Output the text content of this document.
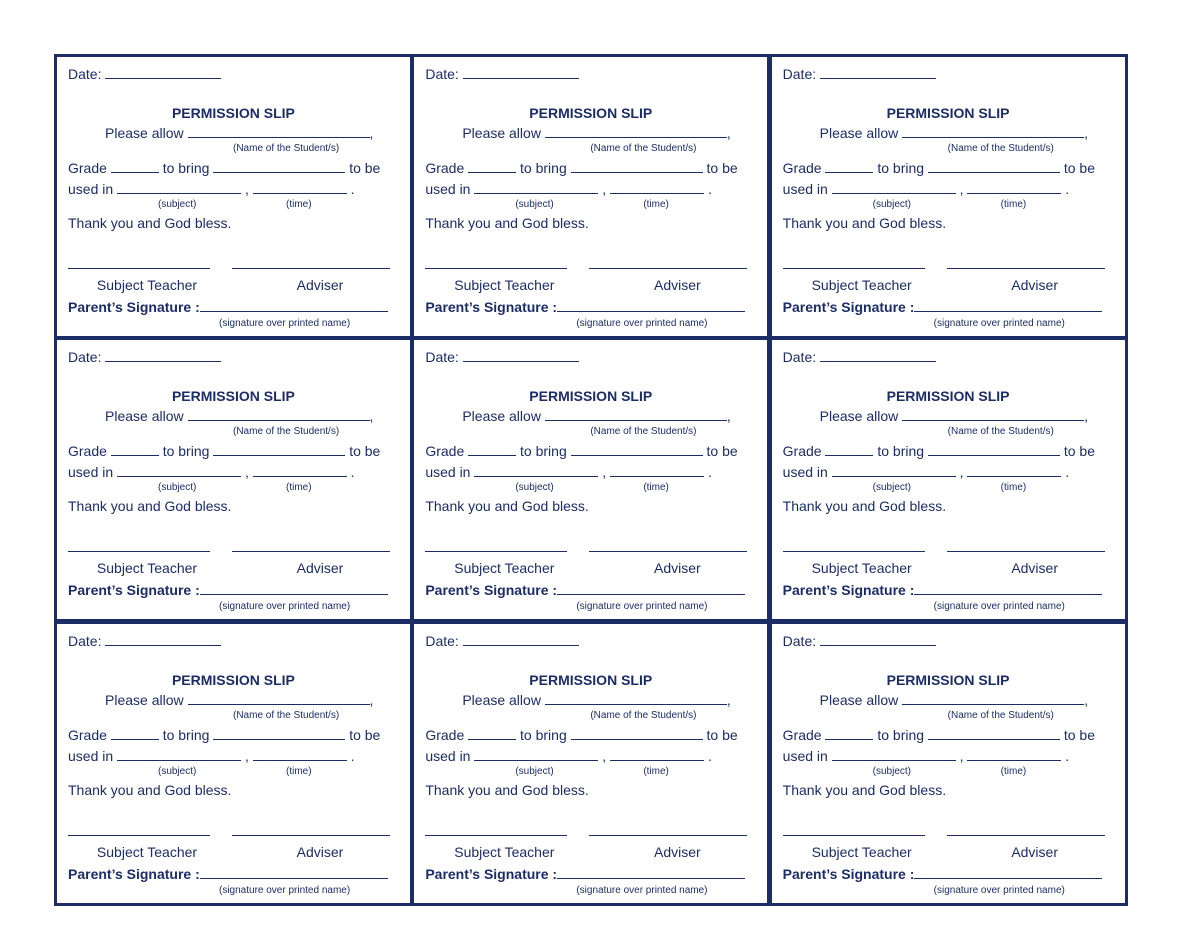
Date:
PERMISSION SLIP
Please allow	,
(Name of the Student/s)
Grade	to bring	to be
used in	,	.
(subject)	(time)
Thank you and God bless.
Subject Teacher	Adviser
Parent’s Signature :
(signature over printed name)
Date:
PERMISSION SLIP
Please allow	,
(Name of the Student/s)
Grade	to bring	to be
used in	,	.
(subject)	(time)
Thank you and God bless.
Subject Teacher	Adviser
Parent’s Signature :
(signature over printed name)
Date:
PERMISSION SLIP
Please allow	,
(Name of the Student/s)
Grade	to bring	to be
used in	,	.
(subject)	(time)
Thank you and God bless.
Subject Teacher	Adviser
Parent’s Signature :
(signature over printed name)
Date:
PERMISSION SLIP
Please allow	,
(Name of the Student/s)
Grade	to bring	to be
used in	,	.
(subject)	(time)
Thank you and God bless.
Subject Teacher	Adviser
Parent’s Signature :
(signature over printed name)
Date:
PERMISSION SLIP
Please allow	,
(Name of the Student/s)
Grade	to bring	to be
used in	,	.
(subject)	(time)
Thank you and God bless.
Subject Teacher	Adviser
Parent’s Signature :
(signature over printed name)
Date:
PERMISSION SLIP
Please allow	,
(Name of the Student/s)
Grade	to bring	to be
used in	,	.
(subject)	(time)
Thank you and God bless.
Subject Teacher	Adviser
Parent’s Signature :
(signature over printed name)
Date:
PERMISSION SLIP
Please allow	,
(Name of the Student/s)
Grade	to bring	to be
used in	,	.
(subject)	(time)
Thank you and God bless.
Subject Teacher	Adviser
Parent’s Signature :
(signature over printed name)
Date:
PERMISSION SLIP
Please allow	,
(Name of the Student/s)
Grade	to bring	to be
used in	,	.
(subject)	(time)
Thank you and God bless.
Subject Teacher	Adviser
Parent’s Signature :
(signature over printed name)
Date:
PERMISSION SLIP
Please allow	,
(Name of the Student/s)
Grade	to bring	to be
used in	,	.
(subject)	(time)
Thank you and God bless.
Subject Teacher	Adviser
Parent’s Signature :
(signature over printed name)
